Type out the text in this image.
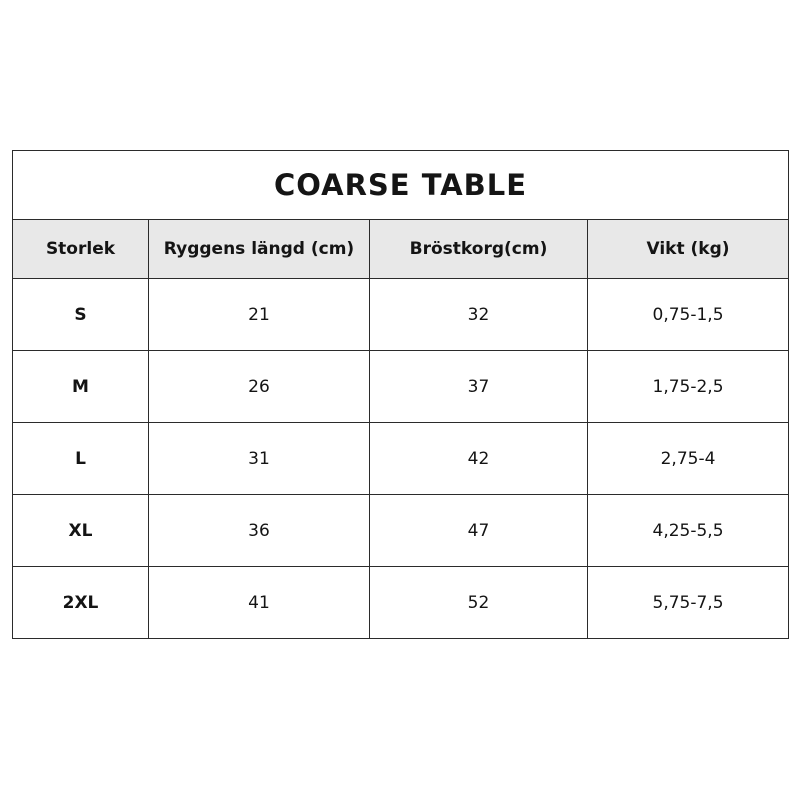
COARSE TABLE			
Storlek	Ryggens längd (cm)	Bröstkorg(cm)	Vikt (kg)
S	21	32	0,75-1,5
M	26	37	1,75-2,5
L	31	42	2,75-4
XL	36	47	4,25-5,5
2XL	41	52	5,75-7,5
